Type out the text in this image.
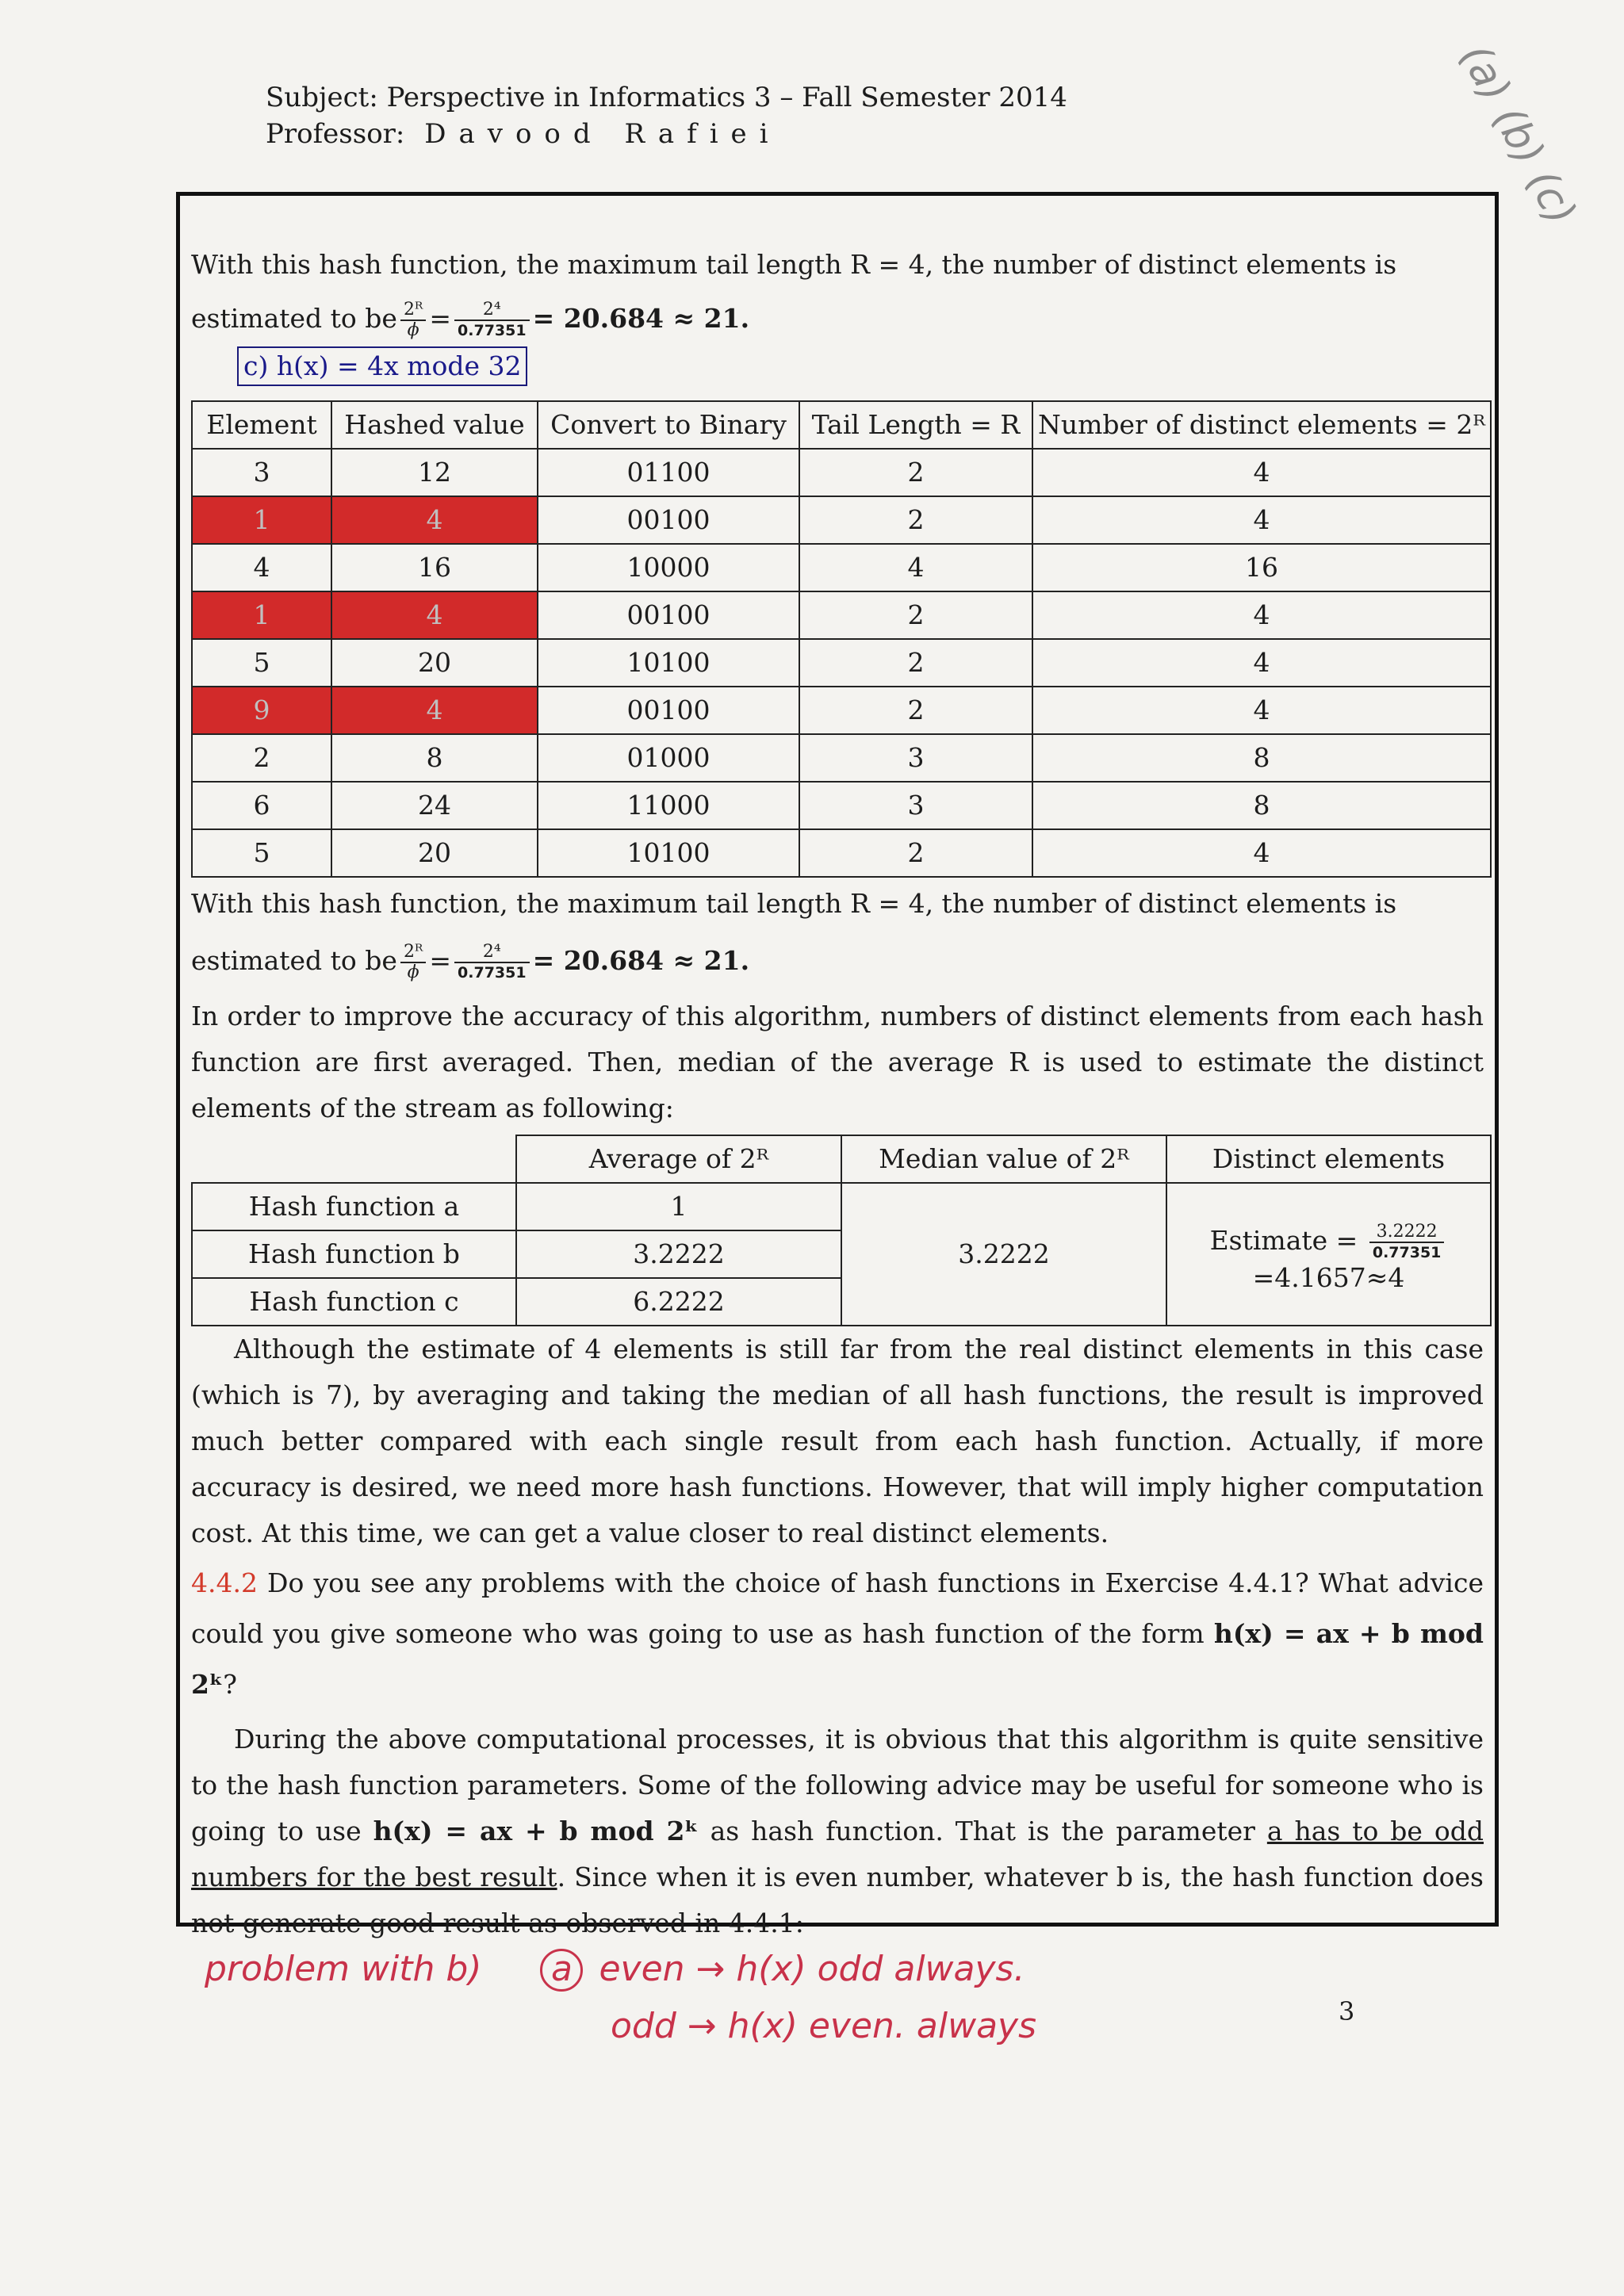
Subject: Perspective in Informatics 3 – Fall Semester 2014
Professor: Davood Rafiei	(a) (b) (c)

With this hash function, the maximum tail length R = 4, the number of distinct elements is

estimated to be $\frac{\text{2ᴿ}}{\phi} = \frac{\text{2⁴}}{0.77351} = 20.684 \approx 21$.

c) h(x) = 4x mode 32
Element	Hashed value	Convert to Binary	Tail Length = R	Number of distinct elements = 2ᴿ
3	12	01100	2	4
1	4	00100	2	4
4	16	10000	4	16
1	4	00100	2	4
5	20	10100	2	4
9	4	00100	2	4
2	8	01000	3	8
6	24	11000	3	8
5	20	10100	2	4

With this hash function, the maximum tail length R = 4, the number of distinct elements is

estimated to be $\frac{\text{2ᴿ}}{\phi} = \frac{\text{2⁴}}{0.77351} = 20.684 \approx 21$.

In order to improve the accuracy of this algorithm, numbers of distinct elements from each hash function are first averaged. Then, median of the average R is used to estimate the distinct elements of the stream as following:

	Average of 2ᴿ	Median value of 2ᴿ	Distinct elements
Hash function a	1	3.2222	Estimate = $\frac{3.2222}{0.77351}$
=4.1657≈4

Hash function b	3.2222		
Hash function c	6.2222		

Although the estimate of 4 elements is still far from the real distinct elements in this case (which is 7), by averaging and taking the median of all hash functions, the result is improved much better compared with each single result from each hash function. Actually, if more accuracy is desired, we need more hash functions. However, that will imply higher computation cost. At this time, we can get a value closer to real distinct elements.

4.4.2 Do you see any problems with the choice of hash functions in Exercise 4.4.1? What advice could you give someone who was going to use as hash function of the form h(x) = ax + b mod 2ᵏ?

During the above computational processes, it is obvious that this algorithm is quite sensitive to the hash function parameters. Some of the following advice may be useful for someone who is going to use h(x) = ax + b mod 2ᵏ as hash function. That is the parameter a has to be odd numbers for the best result. Since when it is even number, whatever b is, the hash function does not generate good result as observed in 4.4.1:

problem with b) a even → h(x) odd always.
odd → h(x) even. always	3
